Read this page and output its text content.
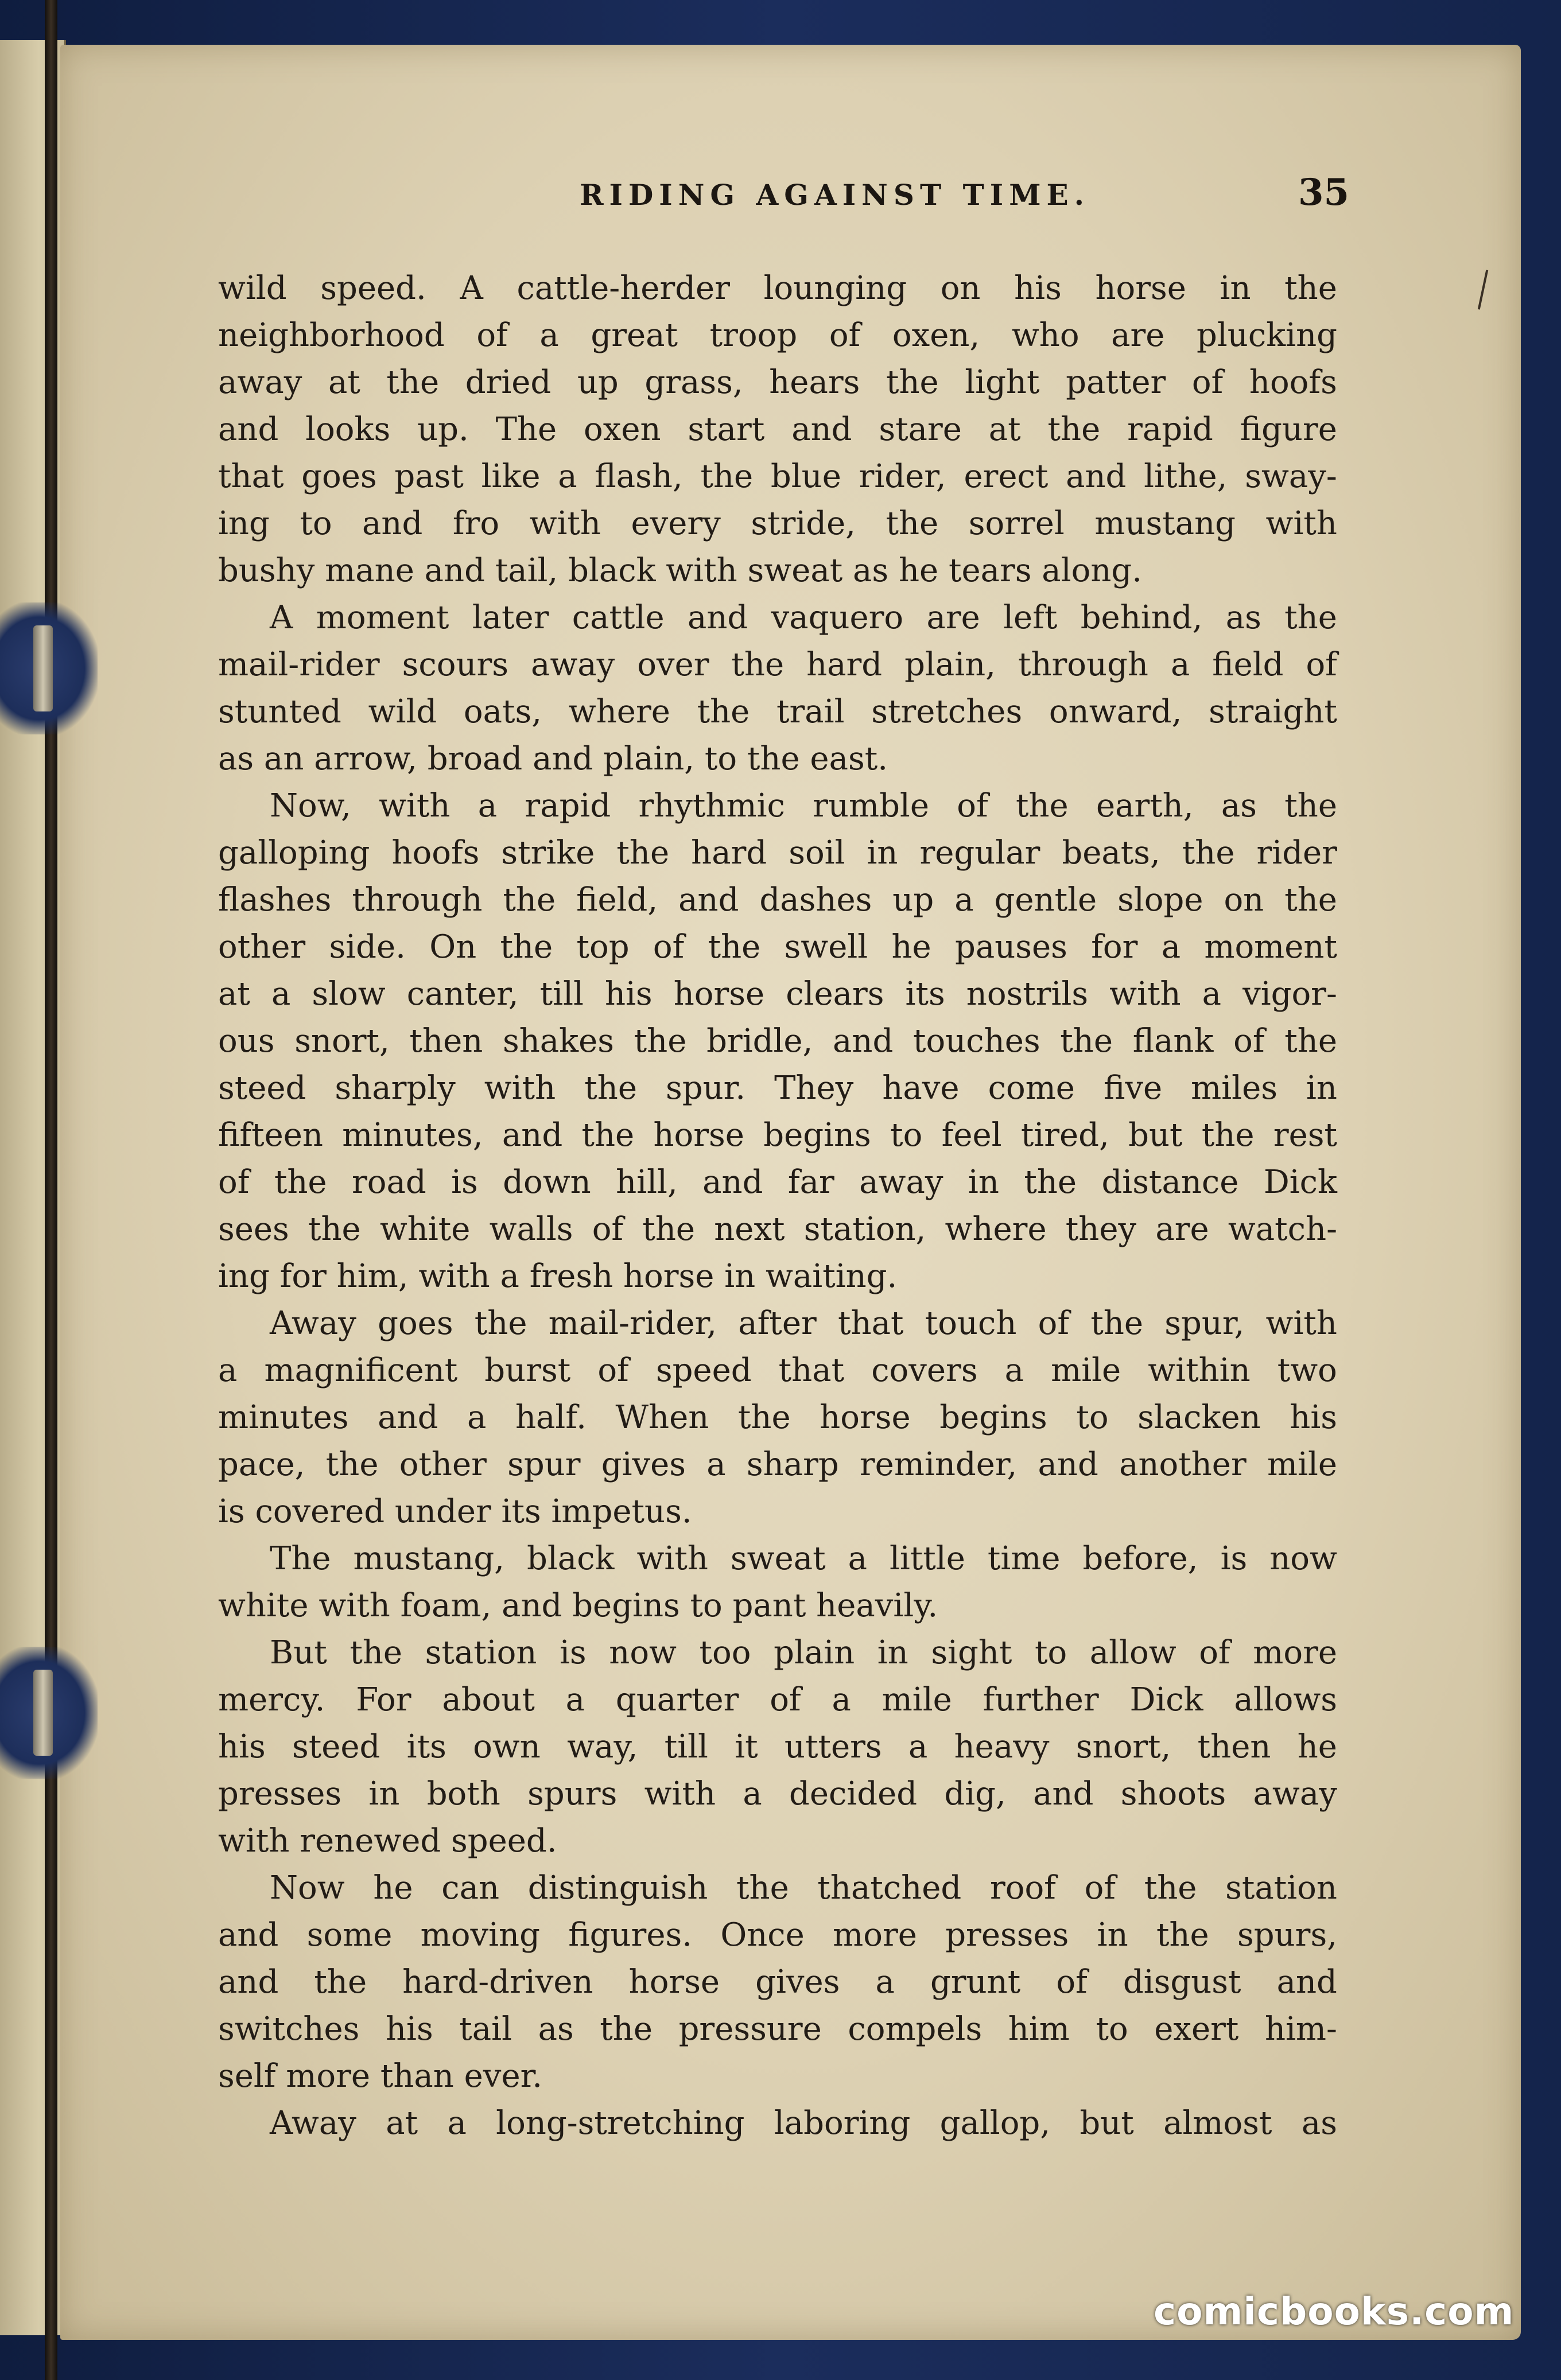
RIDING AGAINST TIME.	35
wild speed. A cattle-herder lounging on his horse in the
neighborhood of a great troop of oxen, who are plucking
away at the dried up grass, hears the light patter of hoofs
and looks up. The oxen start and stare at the rapid figure
that goes past like a flash, the blue rider, erect and lithe, sway-
ing to and fro with every stride, the sorrel mustang with
bushy mane and tail, black with sweat as he tears along.
A moment later cattle and vaquero are left behind, as the
mail-rider scours away over the hard plain, through a field of
stunted wild oats, where the trail stretches onward, straight
as an arrow, broad and plain, to the east.
Now, with a rapid rhythmic rumble of the earth, as the
galloping hoofs strike the hard soil in regular beats, the rider
flashes through the field, and dashes up a gentle slope on the
other side. On the top of the swell he pauses for a moment
at a slow canter, till his horse clears its nostrils with a vigor-
ous snort, then shakes the bridle, and touches the flank of the
steed sharply with the spur. They have come five miles in
fifteen minutes, and the horse begins to feel tired, but the rest
of the road is down hill, and far away in the distance Dick
sees the white walls of the next station, where they are watch-
ing for him, with a fresh horse in waiting.
Away goes the mail-rider, after that touch of the spur, with
a magnificent burst of speed that covers a mile within two
minutes and a half. When the horse begins to slacken his
pace, the other spur gives a sharp reminder, and another mile
is covered under its impetus.
The mustang, black with sweat a little time before, is now
white with foam, and begins to pant heavily.
But the station is now too plain in sight to allow of more
mercy. For about a quarter of a mile further Dick allows
his steed its own way, till it utters a heavy snort, then he
presses in both spurs with a decided dig, and shoots away
with renewed speed.
Now he can distinguish the thatched roof of the station
and some moving figures. Once more presses in the spurs,
and the hard-driven horse gives a grunt of disgust and
switches his tail as the pressure compels him to exert him-
self more than ever.
Away at a long-stretching laboring gallop, but almost as
comicbooks.com
